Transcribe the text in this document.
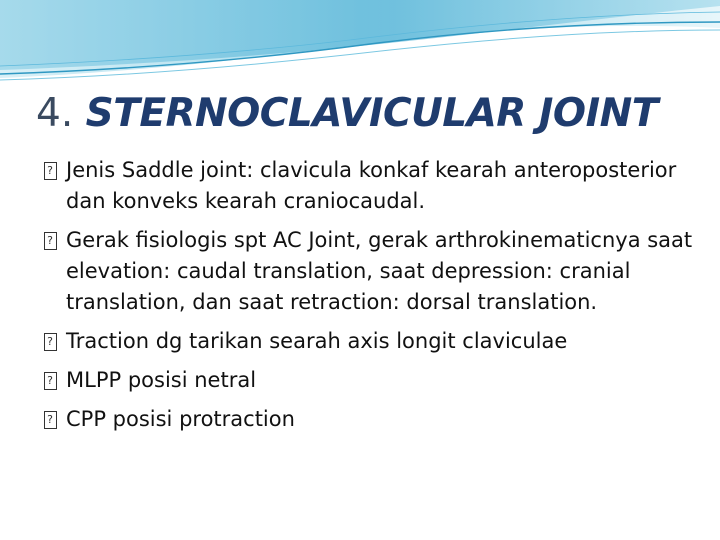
4. STERNOCLAVICULAR JOINT
? Jenis Saddle joint: clavicula konkaf kearah anteroposterior dan konveks kearah craniocaudal.
? Gerak fisiologis spt AC Joint, gerak arthrokinematicnya saat elevation: caudal translation, saat depression: cranial translation, dan saat retraction: dorsal translation.
? Traction dg tarikan searah axis longit claviculae
? MLPP posisi netral
? CPP posisi protraction
